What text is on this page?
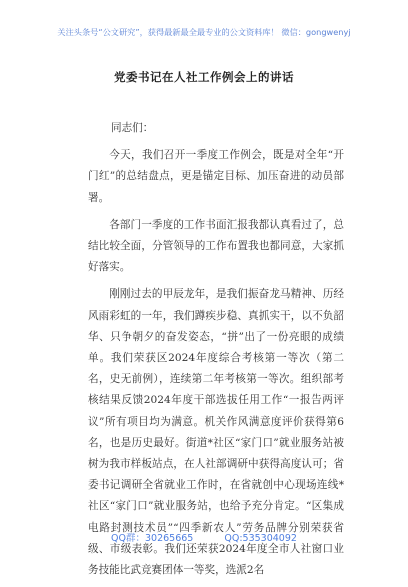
关注头条号“公文研究”，获得最新最全最专业的公文资料库！ 微信：gongwenyj
党委书记在人社工作例会上的讲话

同志们：

今天，我们召开一季度工作例会，既是对全年“开门红”的总结盘点，更是锚定目标、加压奋进的动员部署。

各部门一季度的工作书面汇报我都认真看过了，总结比较全面，分管领导的工作布置我也都同意，大家抓好落实。

刚刚过去的甲辰龙年，是我们振奋龙马精神、历经风雨彩虹的一年，我们蹲疾步稳、真抓实干，以不负韶华、只争朝夕的奋发姿态，“拼”出了一份亮眼的成绩单。我们荣获区2024年度综合考核第一等次（第二名，史无前例），连续第二年考核第一等次。组织部考核结果反馈2024年度干部选拔任用工作“一报告两评议”所有项目均为满意。机关作风满意度评价获得第6名，也是历史最好。街道*社区“家门口”就业服务站被树为我市样板站点，在人社部调研中获得高度认可；省委书记调研全省就业工作时，在省就创中心现场连线*社区“家门口”就业服务站，也给予充分肯定。“区集成电路封测技术员”“四季新农人”劳务品牌分别荣获省级、市级表彰。我们还荣获2024年度全市人社窗口业务技能比武竞赛团体一等奖，选派2名

QQ群：30265665	QQ:535304092
